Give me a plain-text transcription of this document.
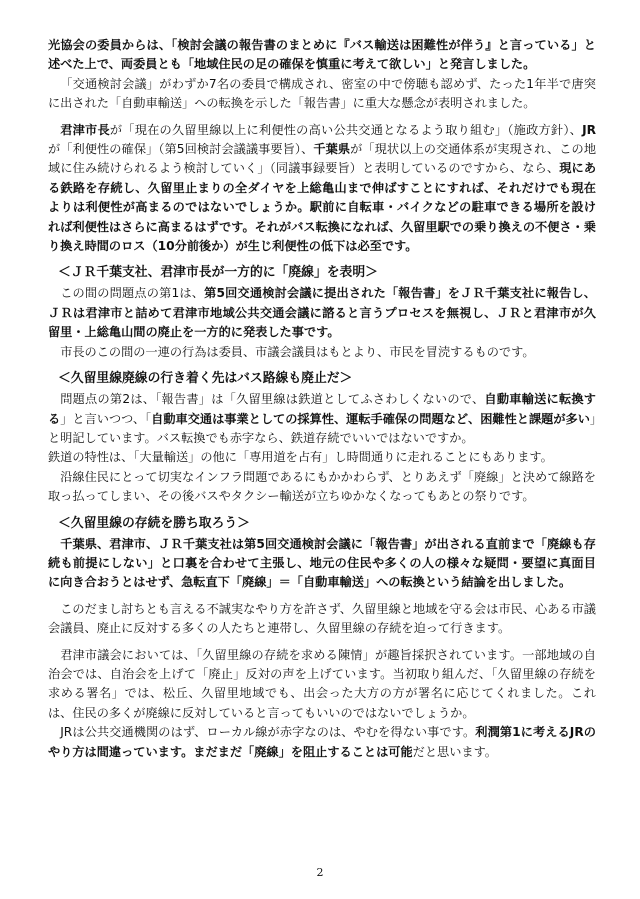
光協会の委員からは、「検討会議の報告書のまとめに『バス輸送は困難性が伴う』と言っている」と述べた上で、両委員とも「地域住民の足の確保を慎重に考えて欲しい」と発言しました。

「交通検討会議」がわずか7名の委員で構成され、密室の中で傍聴も認めず、たった1年半で唐突に出された「自動車輸送」への転換を示した「報告書」に重大な懸念が表明されました。

君津市長が「現在の久留里線以上に利便性の高い公共交通となるよう取り組む」（施政方針）、JRが「利便性の確保」（第5回検討会議議事要旨）、千葉県が「現状以上の交通体系が実現され、この地域に住み続けられるよう検討していく」（同議事録要旨）と表明しているのですから、なら、現にある鉄路を存続し、久留里止まりの全ダイヤを上総亀山まで伸ばすことにすれば、それだけでも現在よりは利便性が高まるのではないでしょうか。駅前に自転車・バイクなどの駐車できる場所を設ければ利便性はさらに高まるはずです。それがバス転換になれば、久留里駅での乗り換えの不便さ・乗り換え時間のロス（10分前後か）が生じ利便性の低下は必至です。

＜ＪＲ千葉支社、君津市長が一方的に「廃線」を表明＞

この間の問題点の第1は、第5回交通検討会議に提出された「報告書」をＪＲ千葉支社に報告し、ＪＲは君津市と詰めて君津市地域公共交通会議に諮ると言うプロセスを無視し、ＪＲと君津市が久留里・上総亀山間の廃止を一方的に発表した事です。

市長のこの間の一連の行為は委員、市議会議員はもとより、市民を冒涜するものです。

＜久留里線廃線の行き着く先はバス路線も廃止だ＞

問題点の第2は、「報告書」は「久留里線は鉄道としてふさわしくないので、自動車輸送に転換する」と言いつつ、「自動車交通は事業としての採算性、運転手確保の問題など、困難性と課題が多い」と明記しています。バス転換でも赤字なら、鉄道存続でいいではないですか。

鉄道の特性は、「大量輸送」の他に「専用道を占有」し時間通りに走れることにもあります。

沿線住民にとって切実なインフラ問題であるにもかかわらず、とりあえず「廃線」と決めて線路を取っ払ってしまい、その後バスやタクシー輸送が立ちゆかなくなってもあとの祭りです。

＜久留里線の存続を勝ち取ろう＞

千葉県、君津市、ＪＲ千葉支社は第5回交通検討会議に「報告書」が出される直前まで「廃線も存続も前提にしない」と口裏を合わせて主張し、地元の住民や多くの人の様々な疑問・要望に真面目に向き合おうとはせず、急転直下「廃線」＝「自動車輸送」への転換という結論を出しました。

このだまし討ちとも言える不誠実なやり方を許さず、久留里線と地域を守る会は市民、心ある市議会議員、廃止に反対する多くの人たちと連帯し、久留里線の存続を迫って行きます。

君津市議会においては、「久留里線の存続を求める陳情」が趣旨採択されています。一部地域の自治会では、自治会を上げて「廃止」反対の声を上げています。当初取り組んだ、「久留里線の存続を求める署名」では、松丘、久留里地域でも、出会った大方の方が署名に応じてくれました。これは、住民の多くが廃線に反対していると言ってもいいのではないでしょうか。

JRは公共交通機関のはず、ローカル線が赤字なのは、やむを得ない事です。利潤第1に考えるJRのやり方は間違っています。まだまだ「廃線」を阻止することは可能だと思います。

2
